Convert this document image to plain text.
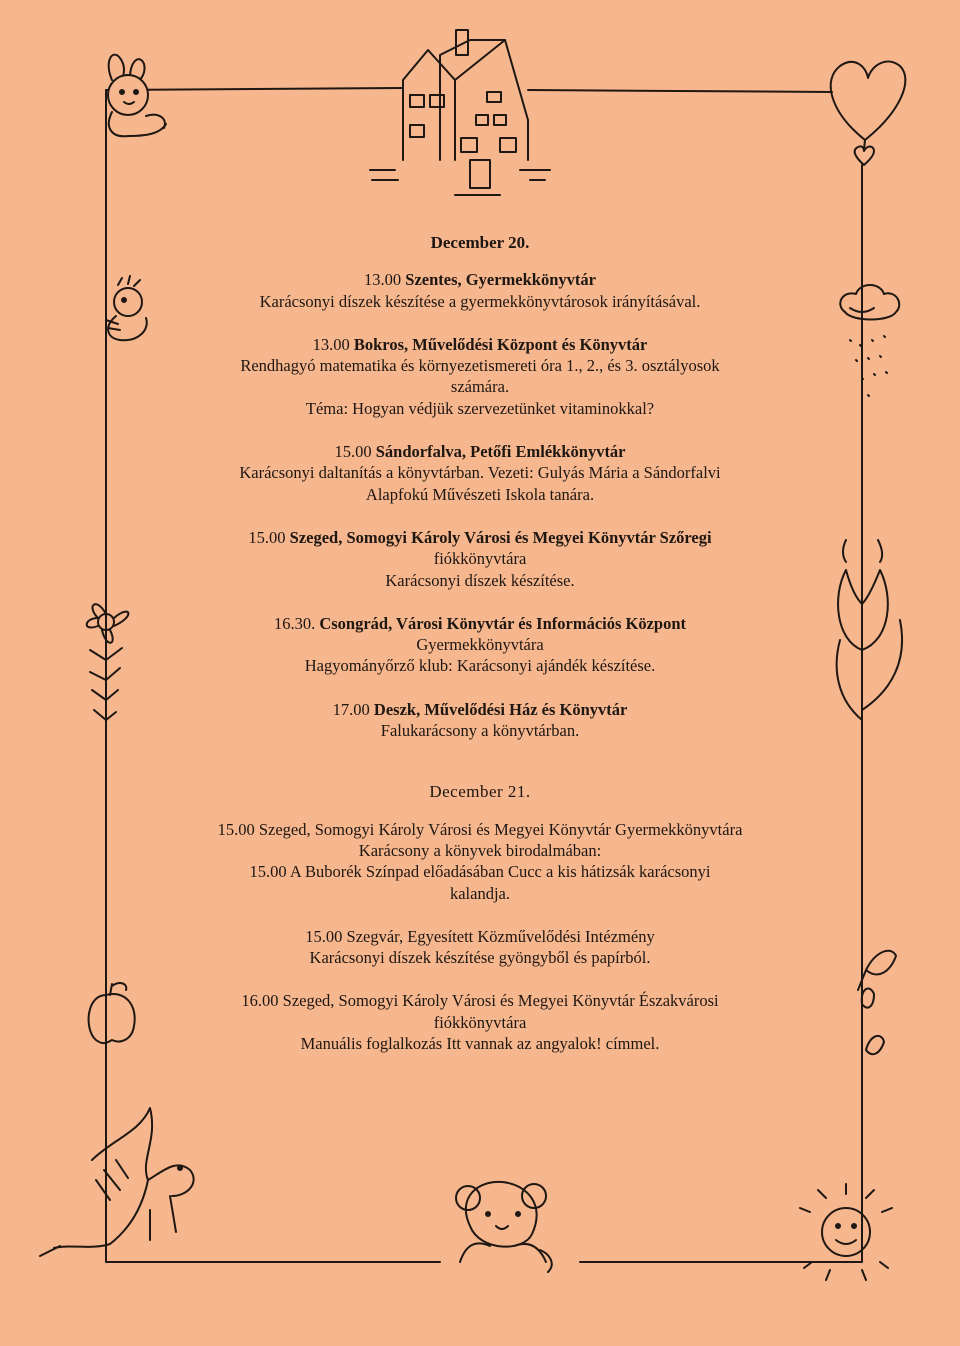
December 20.

13.00 Szentes, Gyermekkönyvtár

Karácsonyi díszek készítése a gyermekkönyvtárosok irányításával.

13.00 Bokros, Művelődési Központ és Könyvtár

Rendhagyó matematika és környezetismereti óra 1., 2., és 3. osztályosok

számára.

Téma: Hogyan védjük szervezetünket vitaminokkal?

15.00 Sándorfalva, Petőfi Emlékkönyvtár

Karácsonyi daltanítás a könyvtárban. Vezeti: Gulyás Mária a Sándorfalvi

Alapfokú Művészeti Iskola tanára.

15.00 Szeged, Somogyi Károly Városi és Megyei Könyvtár Szőregi

fiókkönyvtára

Karácsonyi díszek készítése.

16.30. Csongrád, Városi Könyvtár és Információs Központ

Gyermekkönyvtára

Hagyományőrző klub: Karácsonyi ajándék készítése.

17.00 Deszk, Művelődési Ház és Könyvtár

Falukarácsony a könyvtárban.

December 21.

15.00 Szeged, Somogyi Károly Városi és Megyei Könyvtár Gyermekkönyvtára

Karácsony a könyvek birodalmában:

15.00 A Buborék Színpad előadásában Cucc a kis hátizsák karácsonyi

kalandja.

15.00 Szegvár, Egyesített Közművelődési Intézmény

Karácsonyi díszek készítése gyöngyből és papírból.

16.00 Szeged, Somogyi Károly Városi és Megyei Könyvtár Északvárosi

fiókkönyvtára

Manuális foglalkozás Itt vannak az angyalok! címmel.
